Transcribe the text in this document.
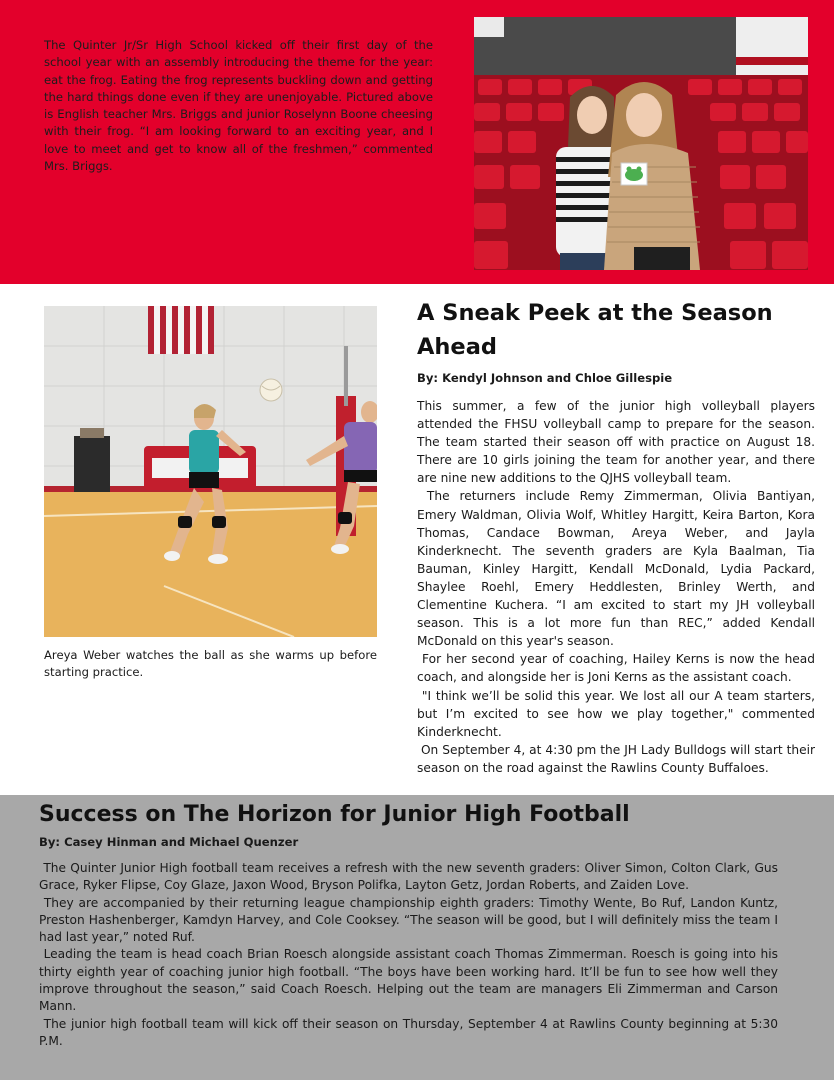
The Quinter Jr/Sr High School kicked off their first day of the school year with an assembly introducing the theme for the year: eat the frog. Eating the frog represents buckling down and getting the hard things done even if they are unenjoyable. Pictured above is English teacher Mrs. Briggs and junior Roselynn Boone cheesing with their frog. “I am looking forward to an exciting year, and I love to meet and get to know all of the freshmen,” commented Mrs. Briggs.
Areya Weber watches the ball as she warms up before starting practice.
A Sneak Peek at the Season Ahead
By: Kendyl Johnson and Chloe Gillespie

This summer, a few of the junior high volleyball players attended the FHSU volleyball camp to prepare for the season. The team started their season off with practice on August 18. There are 10 girls joining the team for another year, and there are nine new additions to the QJHS volleyball team.

The returners include Remy Zimmerman, Olivia Bantiyan, Emery Waldman, Olivia Wolf, Whitley Hargitt, Keira Barton, Kora Thomas, Candace Bowman, Areya Weber, and Jayla Kinderknecht. The seventh graders are Kyla Baalman, Tia Bauman, Kinley Hargitt, Kendall McDonald, Lydia Packard, Shaylee Roehl, Emery Heddlesten, Brinley Werth, and Clementine Kuchera. “I am excited to start my JH volleyball season. This is a lot more fun than REC,” added Kendall McDonald on this year's season.

For her second year of coaching, Hailey Kerns is now the head coach, and alongside her is Joni Kerns as the assistant coach.

"I think we’ll be solid this year. We lost all our A team starters, but I’m excited to see how we play together," commented Kinderknecht.

On September 4, at 4:30 pm the JH Lady Bulldogs will start their season on the road against the Rawlins County Buffaloes.

Success on The Horizon for Junior High Football
By: Casey Hinman and Michael Quenzer

The Quinter Junior High football team receives a refresh with the new seventh graders: Oliver Simon, Colton Clark, Gus Grace, Ryker Flipse, Coy Glaze, Jaxon Wood, Bryson Polifka, Layton Getz, Jordan Roberts, and Zaiden Love.

They are accompanied by their returning league championship eighth graders: Timothy Wente, Bo Ruf, Landon Kuntz, Preston Hashenberger, Kamdyn Harvey, and Cole Cooksey. “The season will be good, but I will definitely miss the team I had last year,” noted Ruf.

Leading the team is head coach Brian Roesch alongside assistant coach Thomas Zimmerman. Roesch is going into his thirty eighth year of coaching junior high football. “The boys have been working hard. It’ll be fun to see how well they improve throughout the season,” said Coach Roesch. Helping out the team are managers Eli Zimmerman and Carson Mann.

The junior high football team will kick off their season on Thursday, September 4 at Rawlins County beginning at 5:30 P.M.
